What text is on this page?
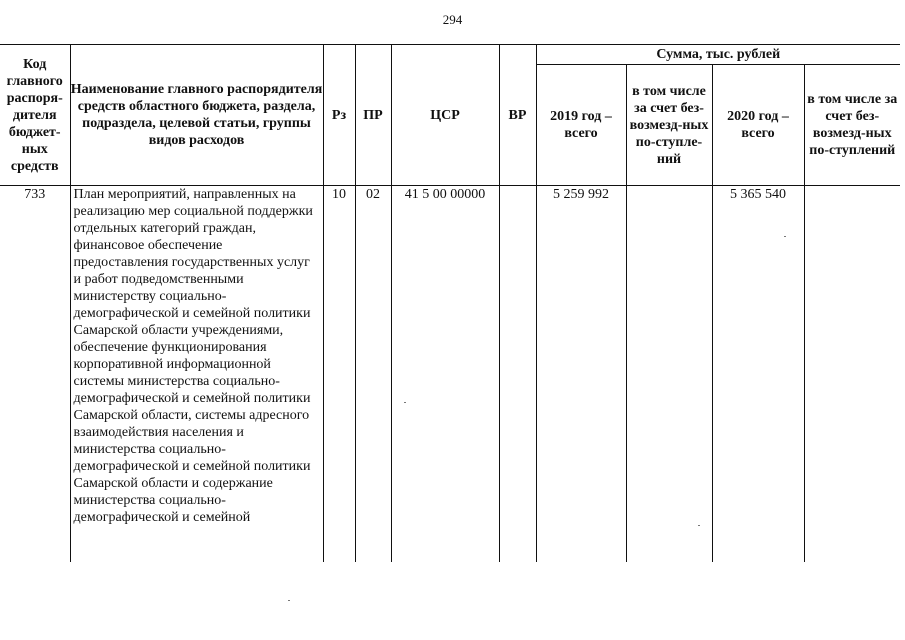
294
Код главного распоря-дителя бюджет-ных средств	Наименование главного распорядителя средств областного бюджета, раздела, подраздела, целевой статьи, группы видов расходов	Рз	ПР	ЦСР	ВР	Сумма, тыс. рублей			
						2019 год – всего	в том числе за счет без-возмезд-ных по-ступле-ний	2020 год – всего	в том числе за счет без-возмезд-ных по-ступлений
733	План мероприятий, направленных на реализацию мер социальной поддержки отдельных категорий граждан, финансовое обеспечение предоставления государственных услуг и работ подведомственными министерству социально-демографической и семейной политики Самарской области учреждениями, обеспечение функционирования корпоративной информационной системы министерства социально-демографической и семейной политики Самарской области, системы адресного взаимодействия населения и министерства социально-демографической и семейной политики Самарской области и содержание министерства социально-демографической и семейной	10	02	41 5 00 00000		5 259 992		5 365 540	
